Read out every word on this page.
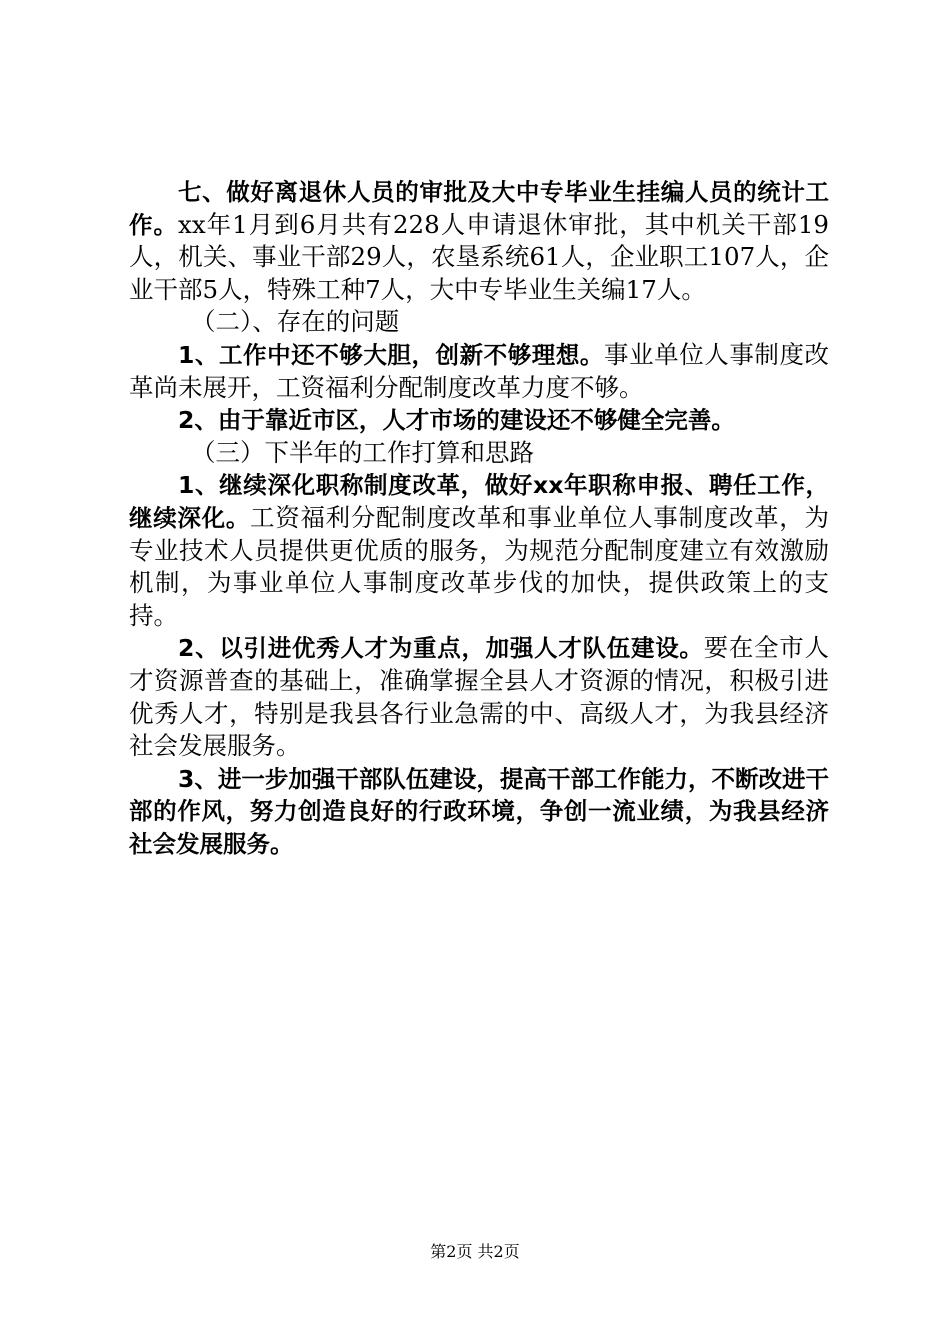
七、做好离退休人员的审批及大中专毕业生挂编人员的统计工作。xx年1月到6月共有228人申请退休审批，其中机关干部19人，机关、事业干部29人，农垦系统61人，企业职工107人，企业干部5人，特殊工种7人，大中专毕业生关编17人。

（二）、存在的问题

1、工作中还不够大胆，创新不够理想。事业单位人事制度改革尚未展开，工资福利分配制度改革力度不够。

2、由于靠近市区，人才市场的建设还不够健全完善。

（三）下半年的工作打算和思路

1、继续深化职称制度改革，做好xx年职称申报、聘任工作，继续深化。工资福利分配制度改革和事业单位人事制度改革，为专业技术人员提供更优质的服务，为规范分配制度建立有效激励机制，为事业单位人事制度改革步伐的加快，提供政策上的支持。

2、以引进优秀人才为重点，加强人才队伍建设。要在全市人才资源普查的基础上，准确掌握全县人才资源的情况，积极引进优秀人才，特别是我县各行业急需的中、高级人才，为我县经济社会发展服务。

3、进一步加强干部队伍建设，提高干部工作能力，不断改进干部的作风，努力创造良好的行政环境，争创一流业绩，为我县经济社会发展服务。

第2页 共2页
